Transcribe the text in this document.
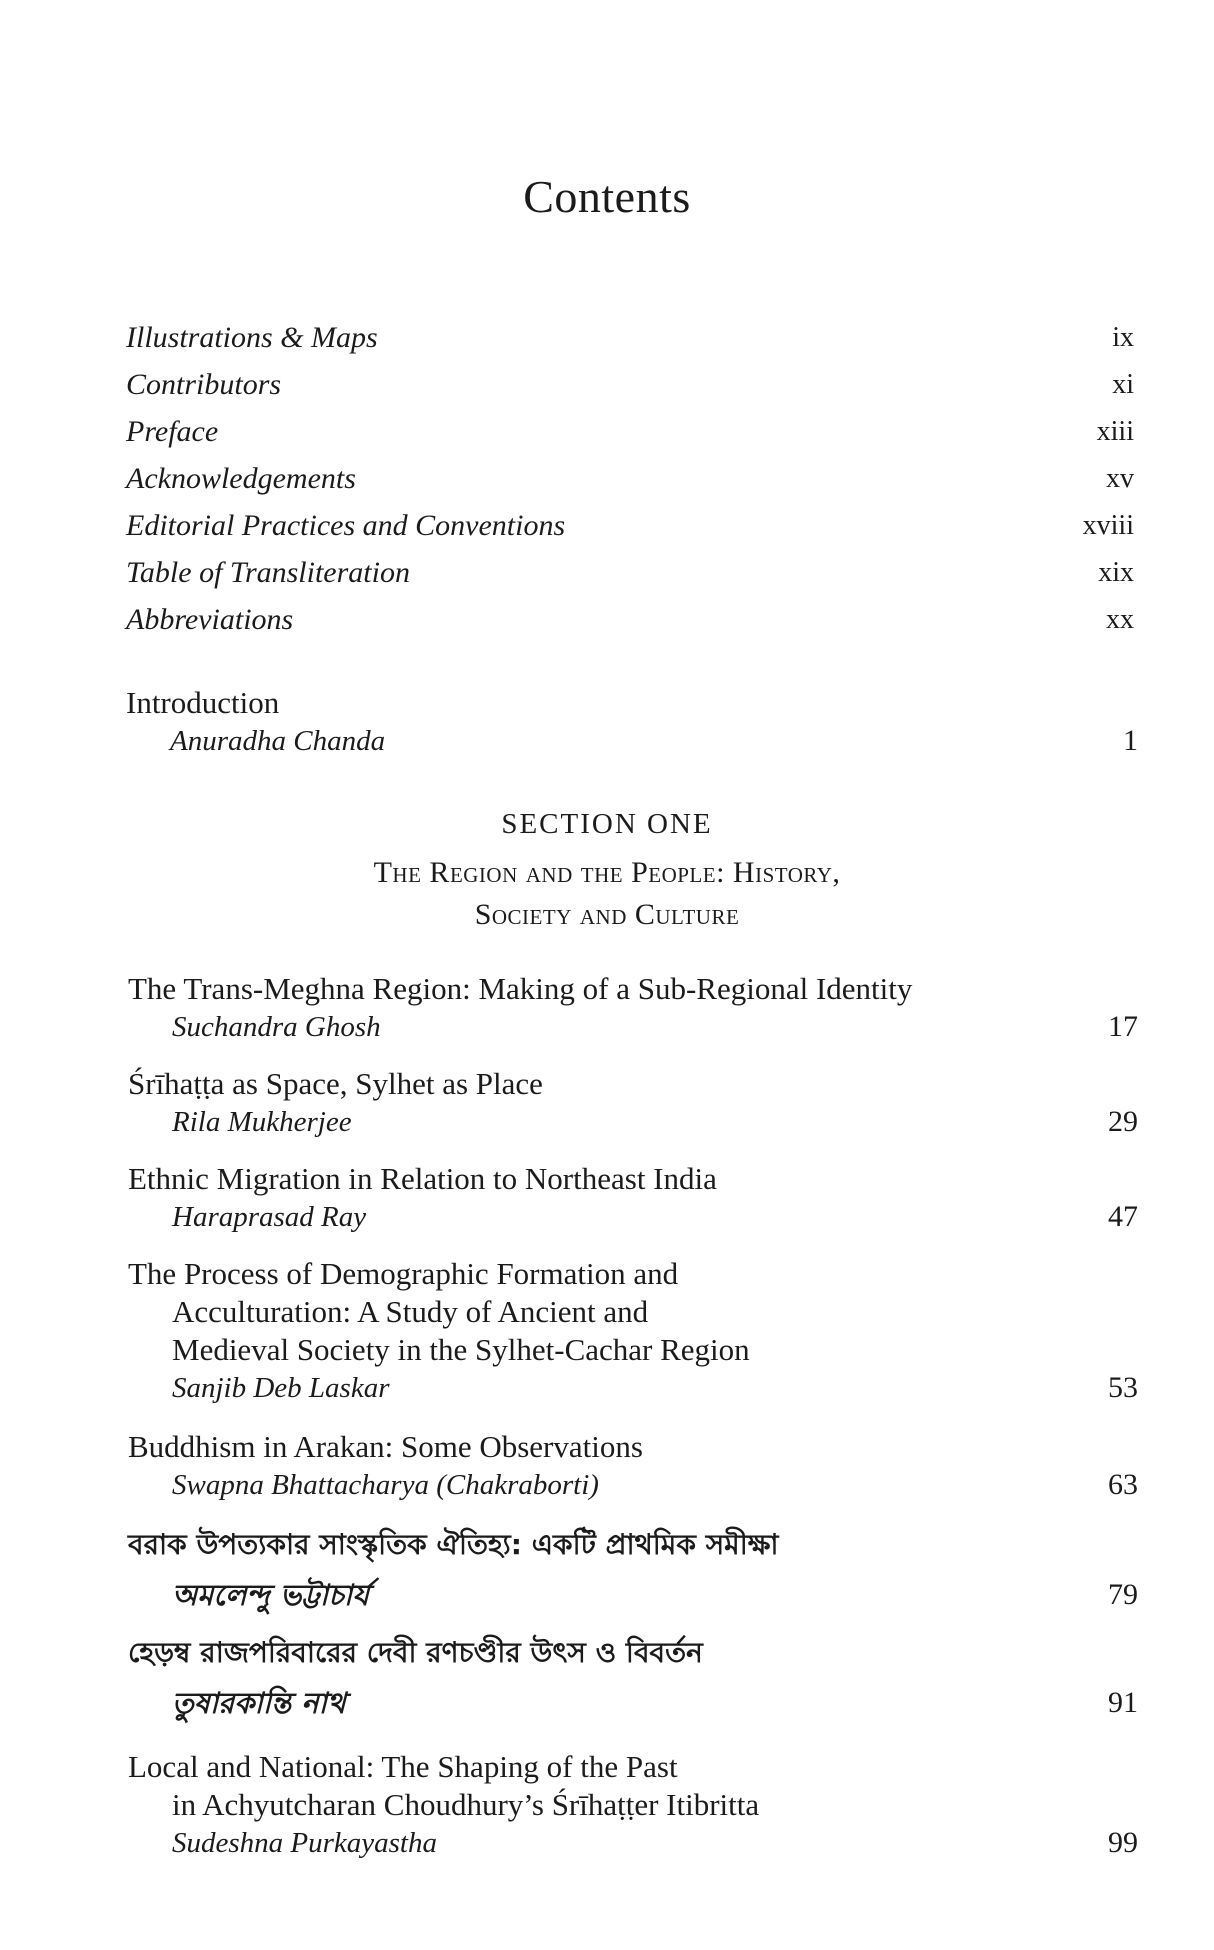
Contents
Illustrations & Maps	ix
Contributors	xi
Preface	xiii
Acknowledgements	xv
Editorial Practices and Conventions	xviii
Table of Transliteration	xix
Abbreviations	xx
Introduction
Anuradha Chanda	1
SECTION ONE
The Region and the People: History,
Society and Culture
The Trans-Meghna Region: Making of a Sub-Regional Identity
Suchandra Ghosh	17
Śrīhaṭṭa as Space, Sylhet as Place
Rila Mukherjee	29
Ethnic Migration in Relation to Northeast India
Haraprasad Ray	47
The Process of Demographic Formation and
Acculturation: A Study of Ancient and
Medieval Society in the Sylhet-Cachar Region
Sanjib Deb Laskar	53
Buddhism in Arakan: Some Observations
Swapna Bhattacharya (Chakraborti)	63
বরাক উপত্যকার সাংস্কৃতিক ঐতিহ্য: একটি প্রাথমিক সমীক্ষা
অমলেন্দু ভট্টাচার্য	79
হেড়ম্ব রাজপরিবারের দেবী রণচণ্ডীর উৎস ও বিবর্তন
তুষারকান্তি নাথ	91
Local and National: The Shaping of the Past
in Achyutcharan Choudhury’s Śrīhaṭṭer Itibritta
Sudeshna Purkayastha	99
